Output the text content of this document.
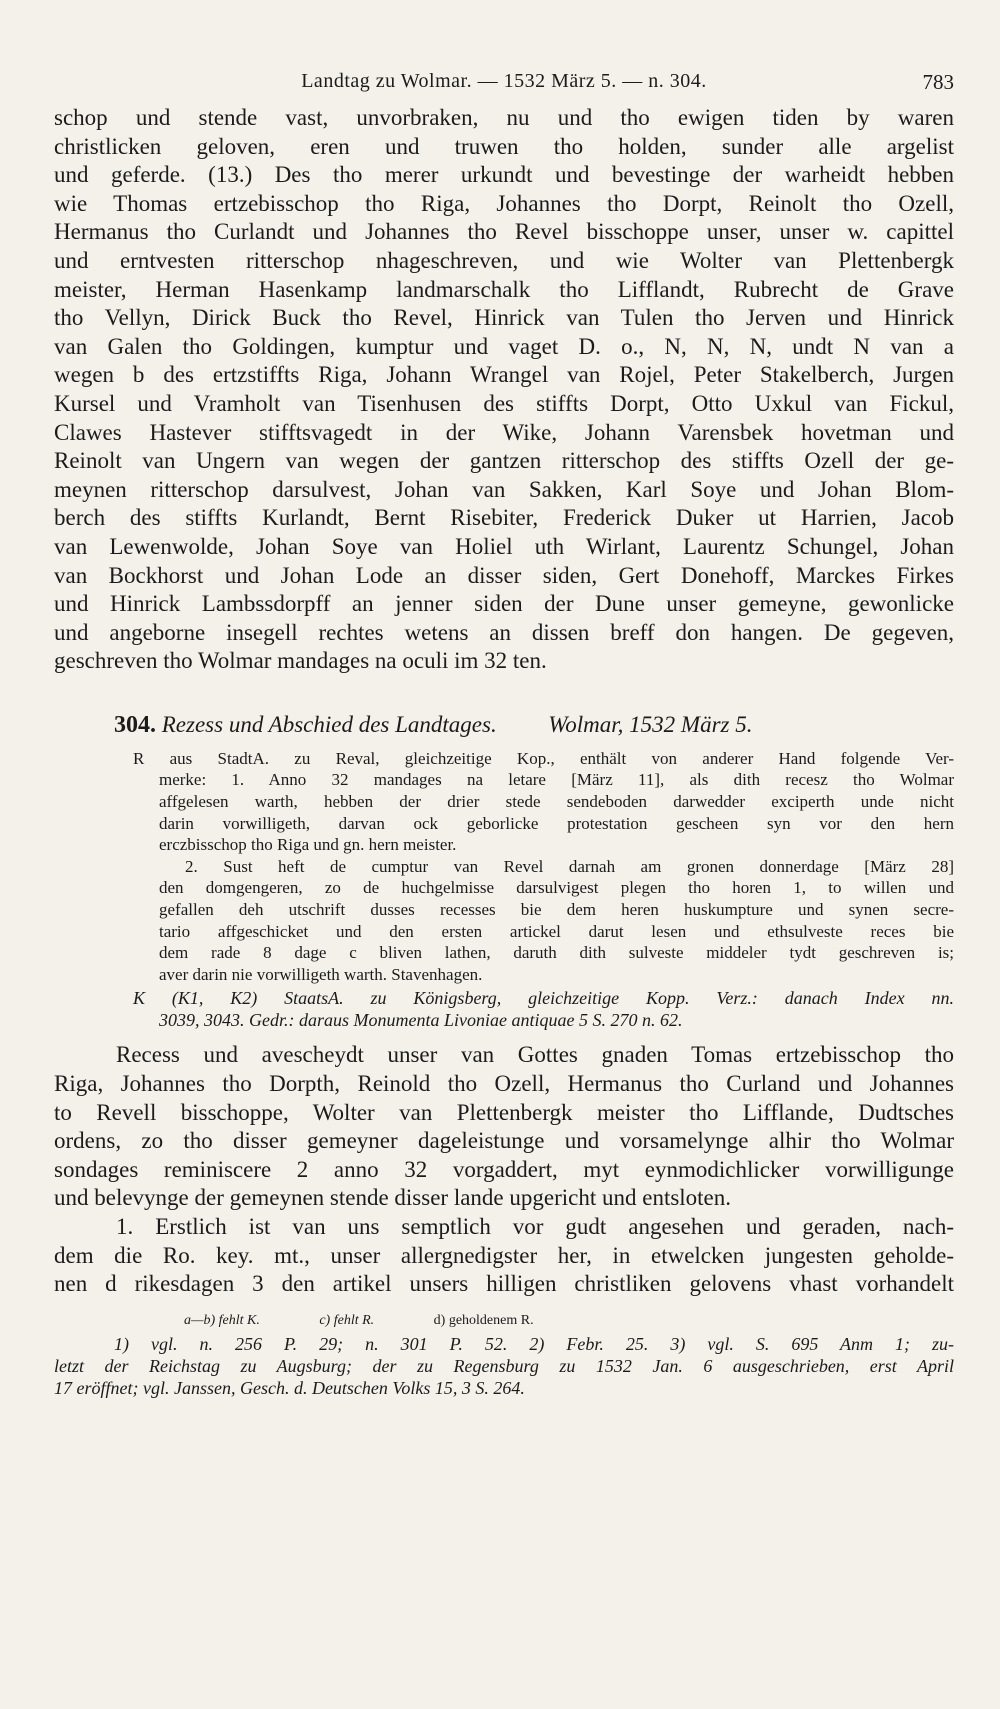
Landtag zu Wolmar. — 1532 März 5. — n. 304.	783
schop und stende vast, unvorbraken, nu und tho ewigen tiden by waren
christlicken geloven, eren und truwen tho holden, sunder alle argelist
und geferde. (13.) Des tho merer urkundt und bevestinge der warheidt hebben
wie Thomas ertzebisschop tho Riga, Johannes tho Dorpt, Reinolt tho Ozell,
Hermanus tho Curlandt und Johannes tho Revel bisschoppe unser, unser w. capittel
und erntvesten ritterschop nhageschreven, und wie Wolter van Plettenbergk
meister, Herman Hasenkamp landmarschalk tho Lifflandt, Rubrecht de Grave
tho Vellyn, Dirick Buck tho Revel, Hinrick van Tulen tho Jerven und Hinrick
van Galen tho Goldingen, kumptur und vaget D. o., N, N, N, undt N van a
wegen b des ertzstiffts Riga, Johann Wrangel van Rojel, Peter Stakelberch, Jurgen
Kursel und Vramholt van Tisenhusen des stiffts Dorpt, Otto Uxkul van Fickul,
Clawes Hastever stifftsvagedt in der Wike, Johann Varensbek hovetman und
Reinolt van Ungern van wegen der gantzen ritterschop des stiffts Ozell der ge-
meynen ritterschop darsulvest, Johan van Sakken, Karl Soye und Johan Blom-
berch des stiffts Kurlandt, Bernt Risebiter, Frederick Duker ut Harrien, Jacob
van Lewenwolde, Johan Soye van Holiel uth Wirlant, Laurentz Schungel, Johan
van Bockhorst und Johan Lode an disser siden, Gert Donehoff, Marckes Firkes
und Hinrick Lambssdorpff an jenner siden der Dune unser gemeyne, gewonlicke
und angeborne insegell rechtes wetens an dissen breff don hangen. De gegeven,
geschreven tho Wolmar mandages na oculi im 32 ten.
304. Rezess und Abschied des Landtages. Wolmar, 1532 März 5.
R aus StadtA. zu Reval, gleichzeitige Kop., enthält von anderer Hand folgende Ver-
merke: 1. Anno 32 mandages na letare [März 11], als dith recesz tho Wolmar
affgelesen warth, hebben der drier stede sendeboden darwedder exciperth unde nicht
darin vorwilligeth, darvan ock geborlicke protestation gescheen syn vor den hern
erczbisschop tho Riga und gn. hern meister.
2. Sust heft de cumptur van Revel darnah am gronen donnerdage [März 28]
den domgengeren, zo de huchgelmisse darsulvigest plegen tho horen 1, to willen und
gefallen deh utschrift dusses recesses bie dem heren huskumpture und synen secre-
tario affgeschicket und den ersten artickel darut lesen und ethsulveste reces bie
dem rade 8 dage c bliven lathen, daruth dith sulveste middeler tydt geschreven is;
aver darin nie vorwilligeth warth. Stavenhagen.
K (K1, K2) StaatsA. zu Königsberg, gleichzeitige Kopp. Verz.: danach Index nn.
3039, 3043. Gedr.: daraus Monumenta Livoniae antiquae 5 S. 270 n. 62.
Recess und avescheydt unser van Gottes gnaden Tomas ertzebisschop tho
Riga, Johannes tho Dorpth, Reinold tho Ozell, Hermanus tho Curland und Johannes
to Revell bisschoppe, Wolter van Plettenbergk meister tho Lifflande, Dudtsches
ordens, zo tho disser gemeyner dageleistunge und vorsamelynge alhir tho Wolmar
sondages reminiscere 2 anno 32 vorgaddert, myt eynmodichlicker vorwilligunge
und belevynge der gemeynen stende disser lande upgericht und entsloten.
1. Erstlich ist van uns semptlich vor gudt angesehen und geraden, nach-
dem die Ro. key. mt., unser allergnedigster her, in etwelcken jungesten geholde-
nen d rikesdagen 3 den artikel unsers hilligen christliken gelovens vhast vorhandelt
a—b) fehlt K.	c) fehlt R.	d) geholdenem R.
1) vgl. n. 256 P. 29; n. 301 P. 52. 2) Febr. 25. 3) vgl. S. 695 Anm 1; zu-
letzt der Reichstag zu Augsburg; der zu Regensburg zu 1532 Jan. 6 ausgeschrieben, erst April
17 eröffnet; vgl. Janssen, Gesch. d. Deutschen Volks 15, 3 S. 264.
